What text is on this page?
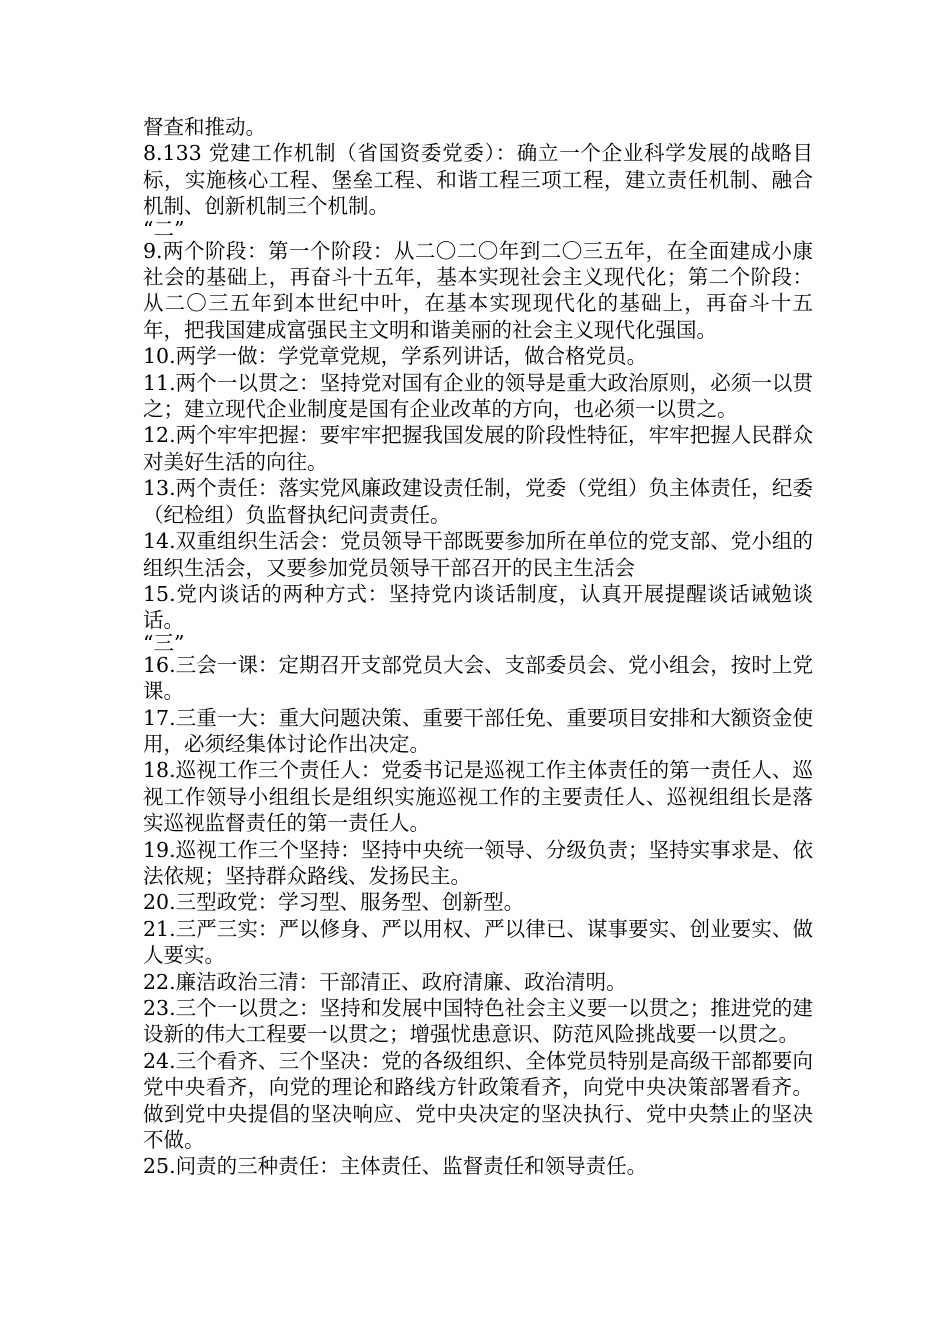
督查和推动。

8.133 党建工作机制（省国资委党委）：确立一个企业科学发展的战略目标，实施核心工程、堡垒工程、和谐工程三项工程，建立责任机制、融合机制、创新机制三个机制。

“二”

9.两个阶段：第一个阶段：从二〇二〇年到二〇三五年，在全面建成小康社会的基础上，再奋斗十五年，基本实现社会主义现代化；第二个阶段：从二〇三五年到本世纪中叶，在基本实现现代化的基础上，再奋斗十五年，把我国建成富强民主文明和谐美丽的社会主义现代化强国。

10.两学一做：学党章党规，学系列讲话，做合格党员。

11.两个一以贯之：坚持党对国有企业的领导是重大政治原则，必须一以贯之；建立现代企业制度是国有企业改革的方向，也必须一以贯之。

12.两个牢牢把握：要牢牢把握我国发展的阶段性特征，牢牢把握人民群众对美好生活的向往。

13.两个责任：落实党风廉政建设责任制，党委（党组）负主体责任，纪委（纪检组）负监督执纪问责责任。

14.双重组织生活会：党员领导干部既要参加所在单位的党支部、党小组的组织生活会，又要参加党员领导干部召开的民主生活会

15.党内谈话的两种方式：坚持党内谈话制度，认真开展提醒谈话诫勉谈话。

“三”

16.三会一课：定期召开支部党员大会、支部委员会、党小组会，按时上党课。

17.三重一大：重大问题决策、重要干部任免、重要项目安排和大额资金使用，必须经集体讨论作出决定。

18.巡视工作三个责任人：党委书记是巡视工作主体责任的第一责任人、巡视工作领导小组组长是组织实施巡视工作的主要责任人、巡视组组长是落实巡视监督责任的第一责任人。

19.巡视工作三个坚持：坚持中央统一领导、分级负责；坚持实事求是、依法依规；坚持群众路线、发扬民主。

20.三型政党：学习型、服务型、创新型。

21.三严三实：严以修身、严以用权、严以律已、谋事要实、创业要实、做人要实。

22.廉洁政治三清：干部清正、政府清廉、政治清明。

23.三个一以贯之：坚持和发展中国特色社会主义要一以贯之；推进党的建设新的伟大工程要一以贯之；增强忧患意识、防范风险挑战要一以贯之。

24.三个看齐、三个坚决：党的各级组织、全体党员特别是高级干部都要向党中央看齐，向党的理论和路线方针政策看齐，向党中央决策部署看齐。做到党中央提倡的坚决响应、党中央决定的坚决执行、党中央禁止的坚决不做。

25.问责的三种责任：主体责任、监督责任和领导责任。
